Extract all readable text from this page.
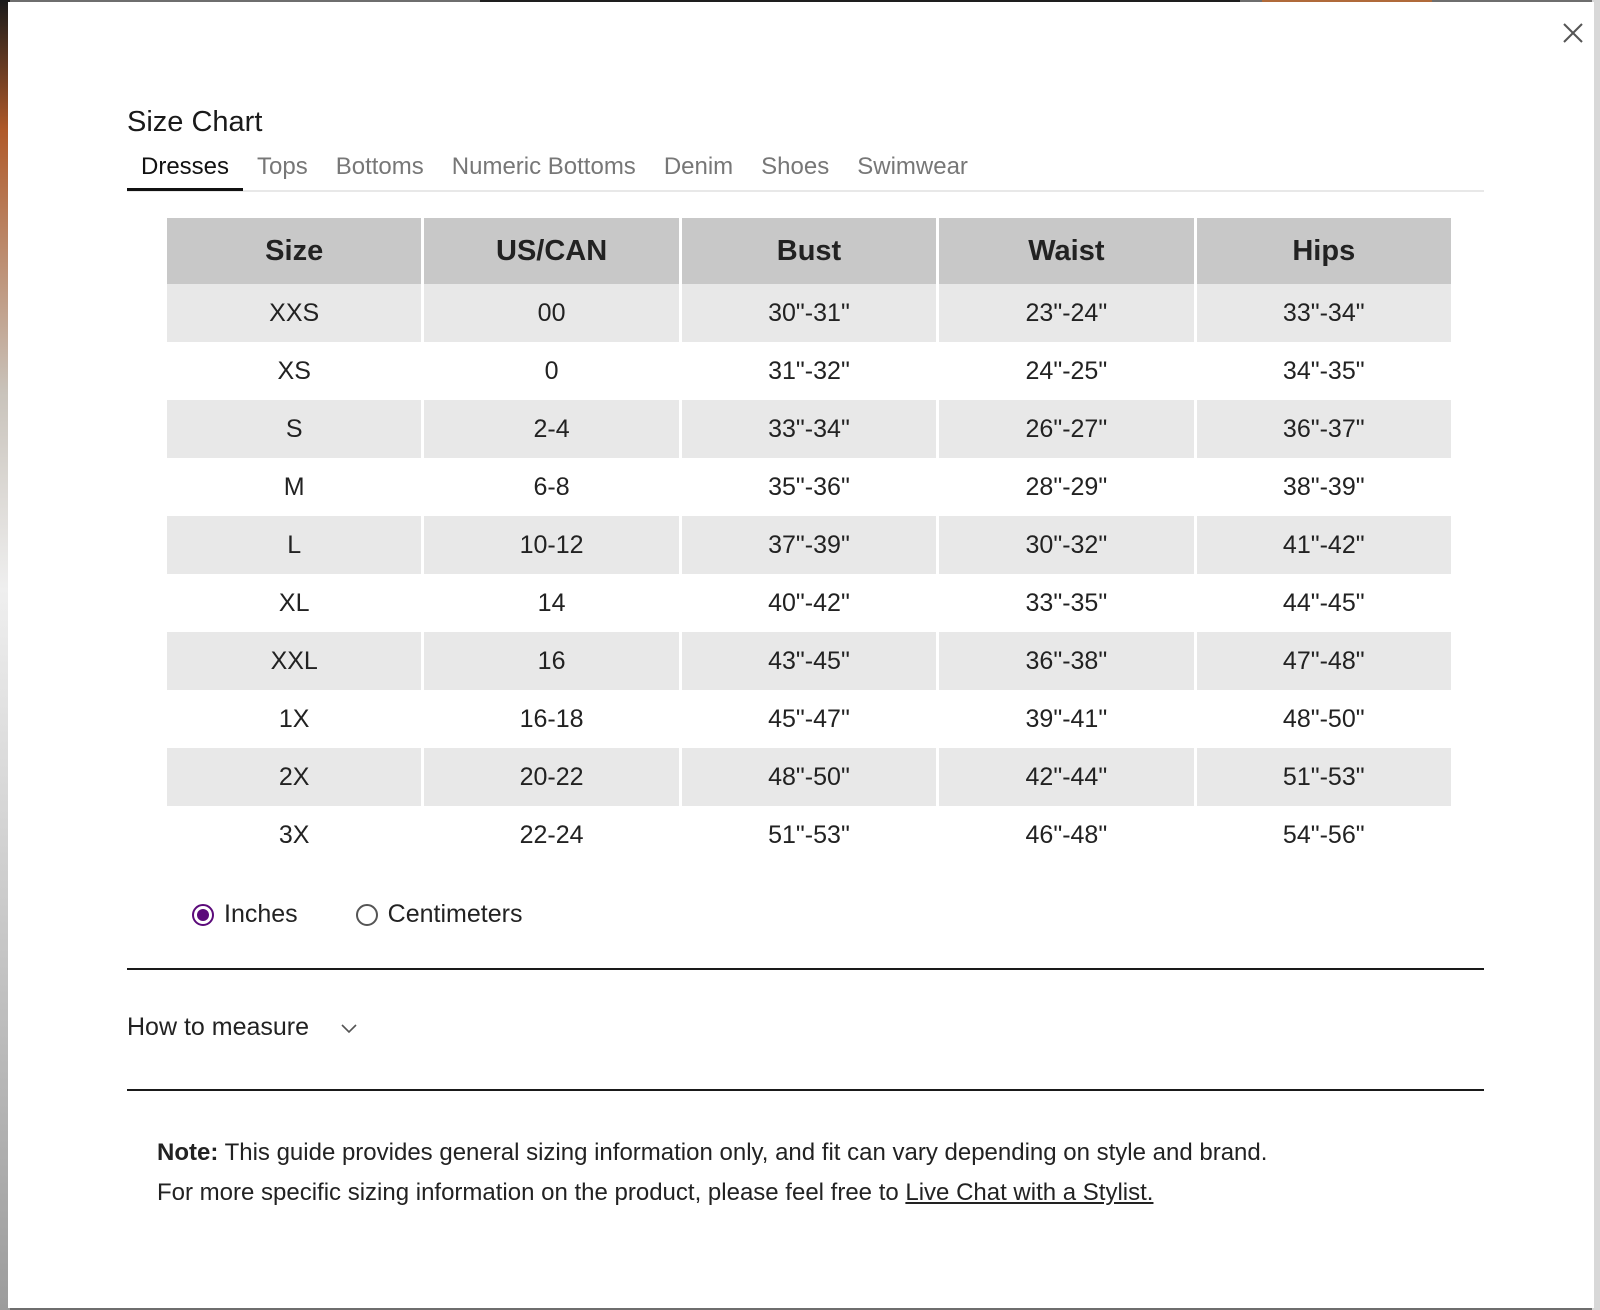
Size Chart
Dresses	Tops	Bottoms	Numeric Bottoms	Denim	Shoes	Swimwear
Size	US/CAN	Bust	Waist	Hips
XXS	00	30"-31"	23"-24"	33"-34"
XS	0	31"-32"	24"-25"	34"-35"
S	2-4	33"-34"	26"-27"	36"-37"
M	6-8	35"-36"	28"-29"	38"-39"
L	10-12	37"-39"	30"-32"	41"-42"
XL	14	40"-42"	33"-35"	44"-45"
XXL	16	43"-45"	36"-38"	47"-48"
1X	16-18	45"-47"	39"-41"	48"-50"
2X	20-22	48"-50"	42"-44"	51"-53"
3X	22-24	51"-53"	46"-48"	54"-56"
Inches	Centimeters
How to measure
Note: This guide provides general sizing information only, and fit can vary depending on style and brand.
For more specific sizing information on the product, please feel free to Live Chat with a Stylist.
